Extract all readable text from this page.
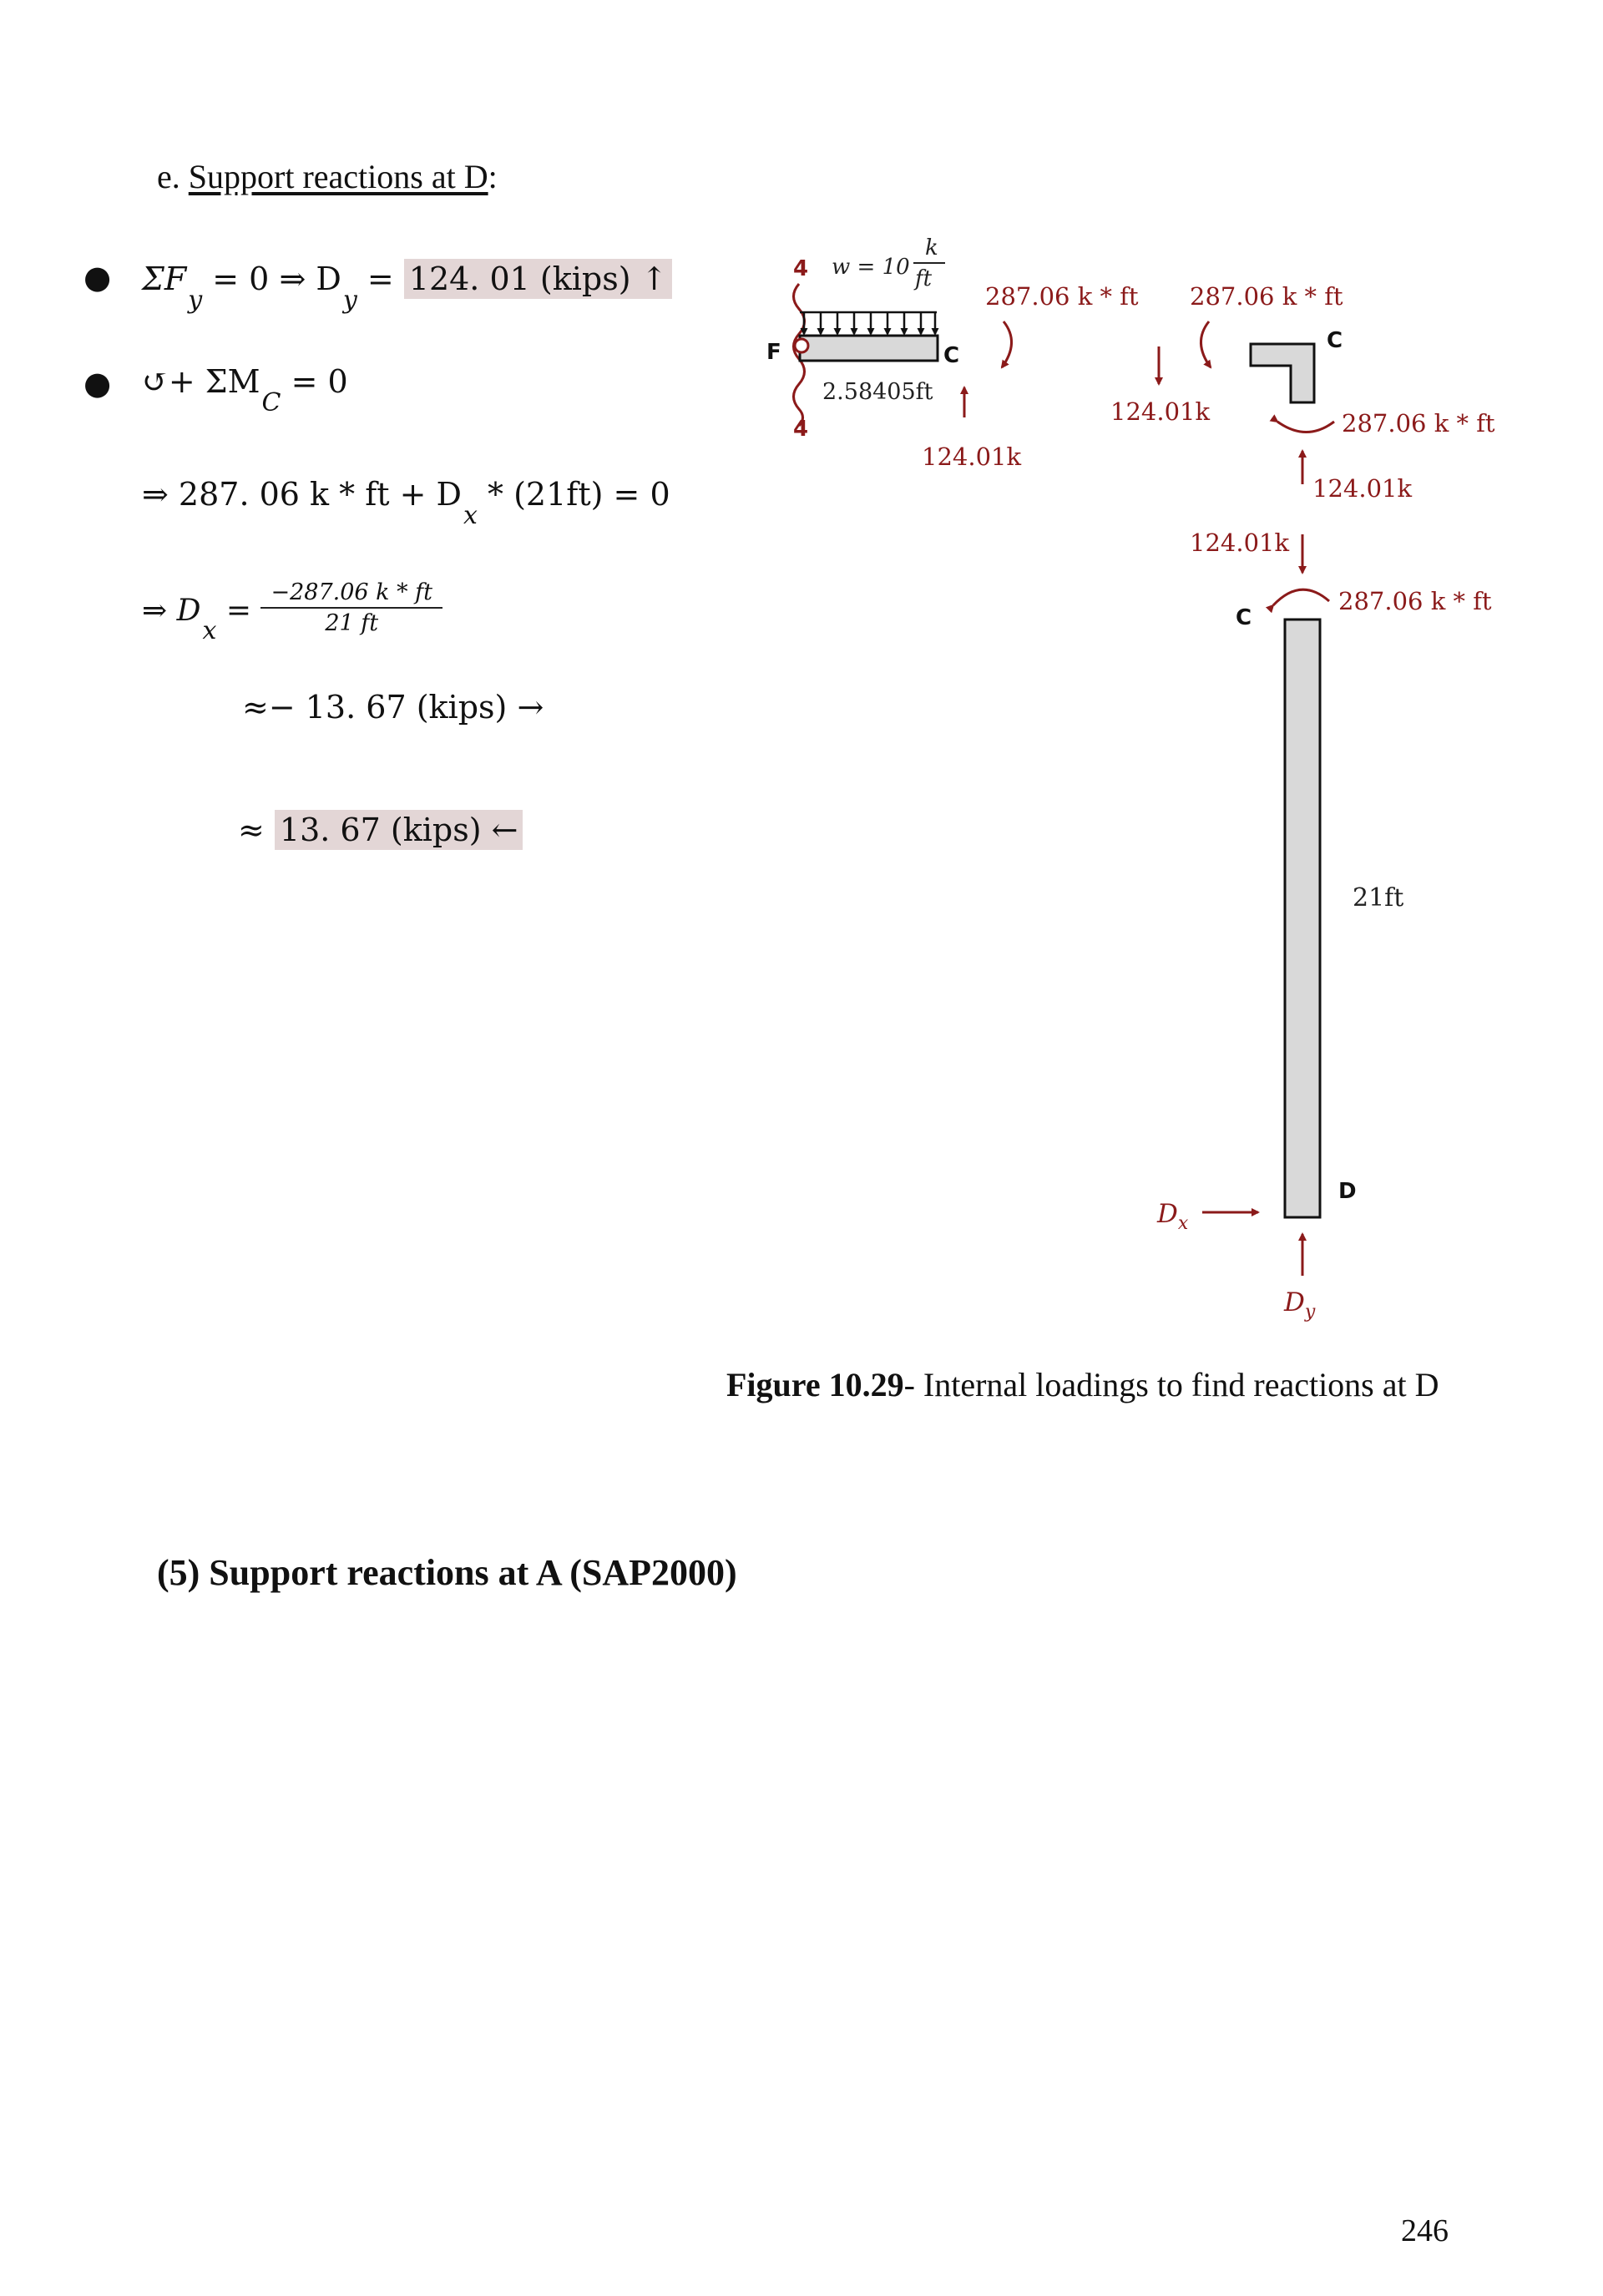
e. Support reactions at D:
● $\Sigma F_y = 0$ ⇒ $D_y = 124$. 01 (kips) ↑
● ↺+ $\Sigma M_C = 0$
⇒ 287. 06 k * ft + $D_x * (21ft) = 0$
⇒ $D_x = \frac{-287.06 k * ft}{21 ft}$
≈− 13. 67 (kips) →
≈ 13. 67 (kips) ←
4
4
w = 10
k
ft
F	C
2.58405ft
124.01k
287.06 k * ft 287.06 k * ft
124.01k
C
287.06 k * ft
124.01k
124.01k
287.06 k * ft
C
21ft
D
$D_x$
$D_y$
Figure 10.29- Internal loadings to find reactions at D
(5) Support reactions at A (SAP2000)
246
